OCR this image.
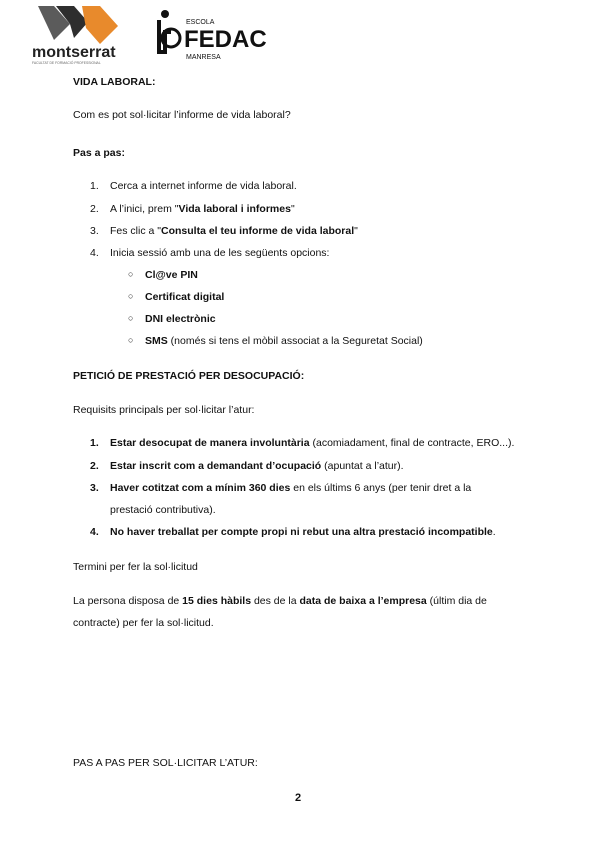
montserrat
FACULTAT DE FORMACIÓ PROFESSIONAL
ESCOLA
FEDAC
MANRESA
VIDA LABORAL:
Com es pot sol·licitar l’informe de vida laboral?
Pas a pas:
1. Cerca a internet informe de vida laboral.
2. A l’inici, prem "Vida laboral i informes"
3. Fes clic a "Consulta el teu informe de vida laboral"
4. Inicia sessió amb una de les següents opcions:
○ Cl@ve PIN
○ Certificat digital
○ DNI electrònic
○ SMS (només si tens el mòbil associat a la Seguretat Social)
PETICIÓ DE PRESTACIÓ PER DESOCUPACIÓ:
Requisits principals per sol·licitar l’atur:
1. Estar desocupat de manera involuntària (acomiadament, final de contracte, ERO...).
2. Estar inscrit com a demandant d’ocupació (apuntat a l’atur).
3. Haver cotitzat com a mínim 360 dies en els últims 6 anys (per tenir dret a la
prestació contributiva).
4. No haver treballat per compte propi ni rebut una altra prestació incompatible.
Termini per fer la sol·licitud
La persona disposa de 15 dies hàbils des de la data de baixa a l’empresa (últim dia de
contracte) per fer la sol·licitud.
PAS A PAS PER SOL·LICITAR L’ATUR:
2
